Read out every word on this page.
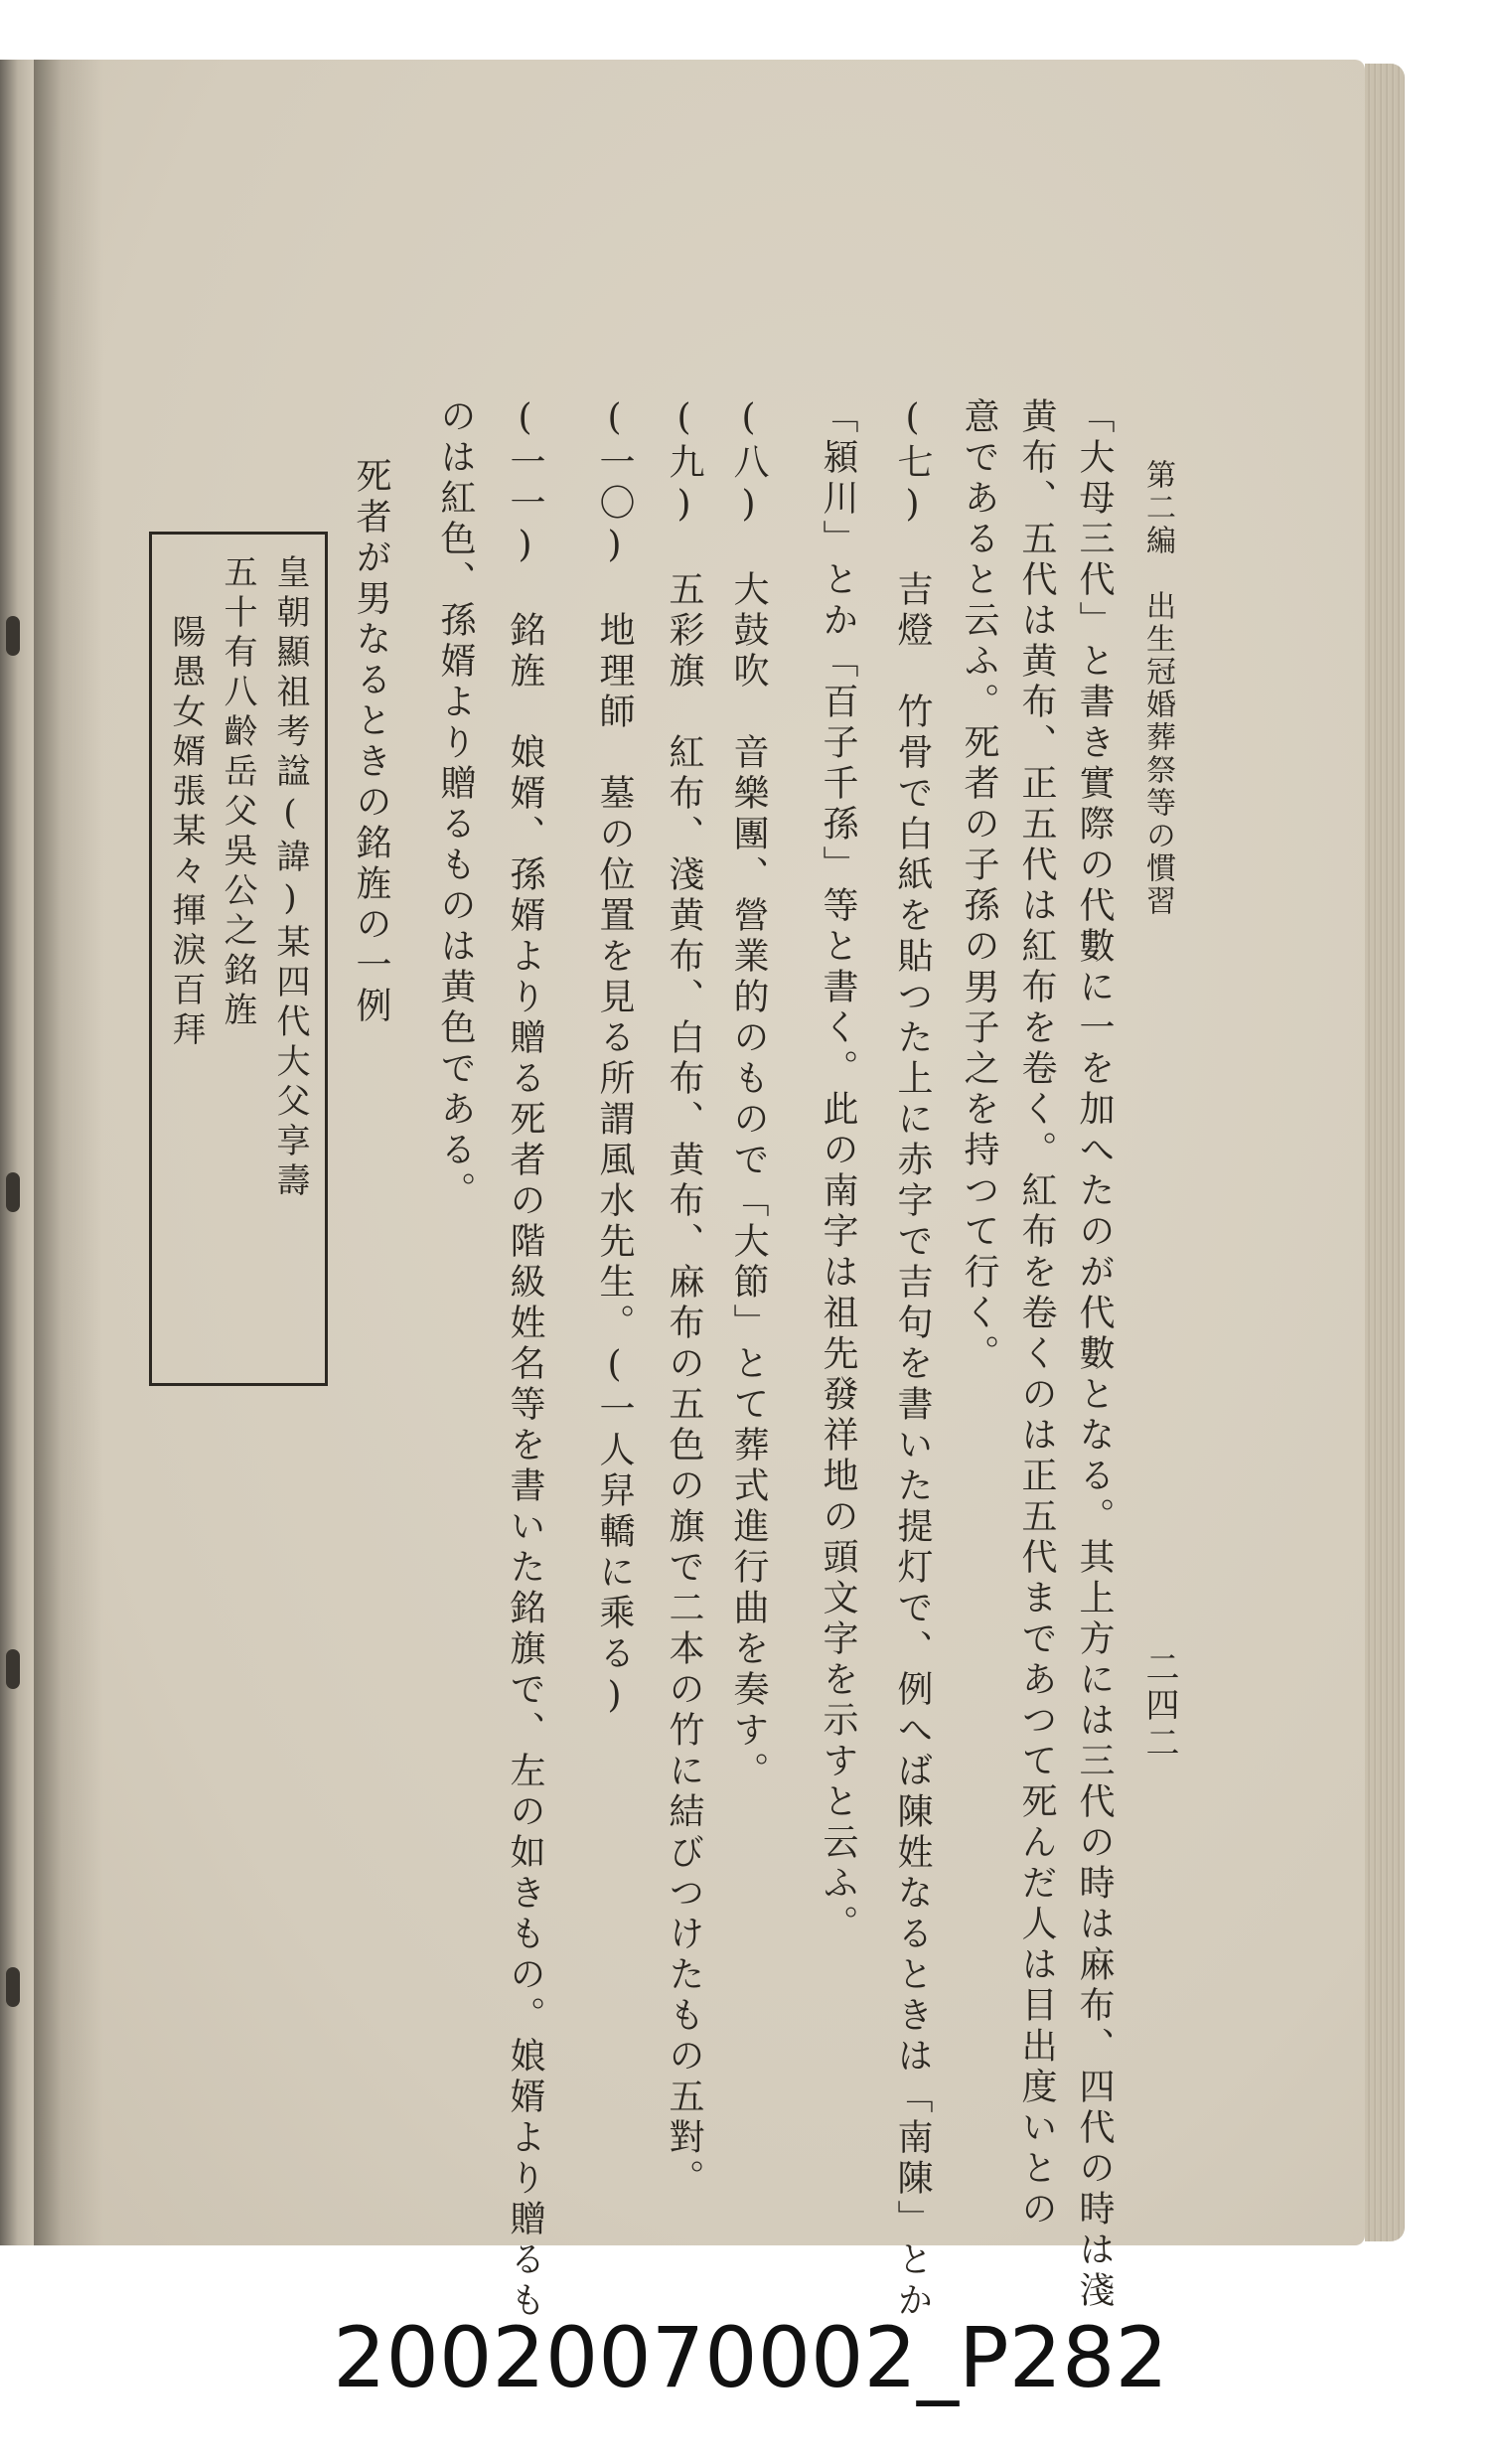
第二編　出生冠婚葬祭等の慣習
二四二
「大母三代」と書き實際の代數に一を加へたのが代數となる。其上方には三代の時は麻布、四代の時は淺
黄布、五代は黄布、正五代は紅布を卷く。紅布を卷くのは正五代まであつて死んだ人は目出度いとの
意であると云ふ。死者の子孫の男子之を持つて行く。
(七)　吉燈　竹骨で白紙を貼つた上に赤字で吉句を書いた提灯で、例へば陳姓なるときは「南陳」とか
「潁川」とか「百子千孫」等と書く。此の南字は祖先發祥地の頭文字を示すと云ふ。
(八)　大鼓吹　音樂團、營業的のもので「大節」とて葬式進行曲を奏す。
(九)　五彩旗　紅布、淺黄布、白布、黄布、麻布の五色の旗で二本の竹に結びつけたもの五對。
(一〇)　地理師　墓の位置を見る所謂風水先生。(一人舁轎に乘る)
(一一)　銘旌　娘婿、孫婿より贈る死者の階級姓名等を書いた銘旗で、左の如きもの。娘婿より贈るも
のは紅色、孫婿より贈るものは黄色である。
死者が男なるときの銘旌の一例
皇朝顯祖考諡(諱)某四代大父享壽
五十有八齡岳父吳公之銘旌
陽愚女婿張某々揮淚百拜
20020070002_P282
